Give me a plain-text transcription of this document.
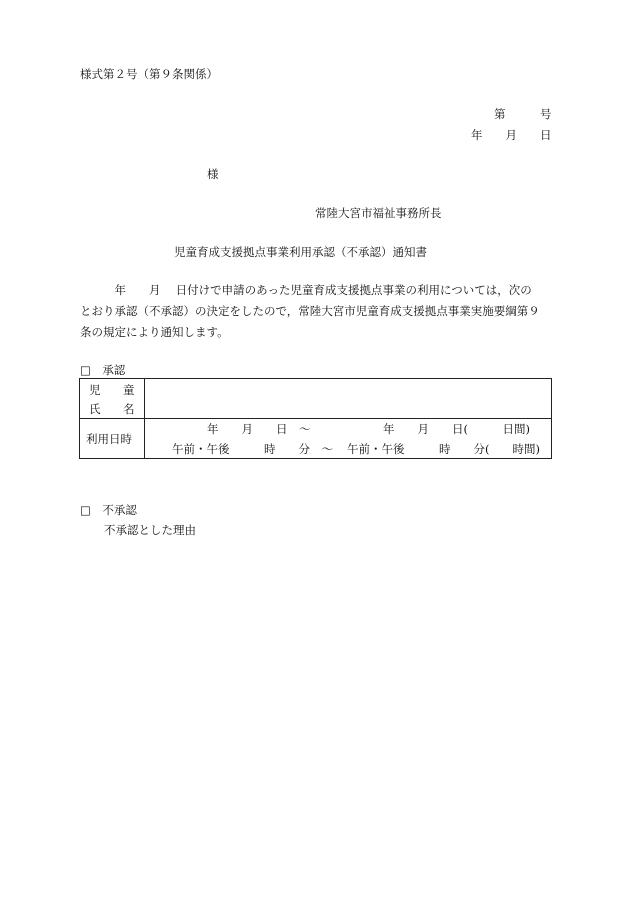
様式第２号（第９条関係）
第　　　号
年　　月　　日
様
常陸大宮市福祉事務所長
児童育成支援拠点事業利用承認（不承認）通知書
　　　年　　月　 日付けで申請のあった児童育成支援拠点事業の利用については，次の
とおり承認（不承認）の決定をしたので，常陸大宮市児童育成支援拠点事業実施要綱第９
条の規定により通知します。
□　承認
児 童
氏 名	

利用日時	年　　月　　日　～ 年　　月　　日(　　　日間)
午前・午後　　　時　　分　～ 午前・午後　　　時　　分(　　時間)
□　不承認
不承認とした理由
